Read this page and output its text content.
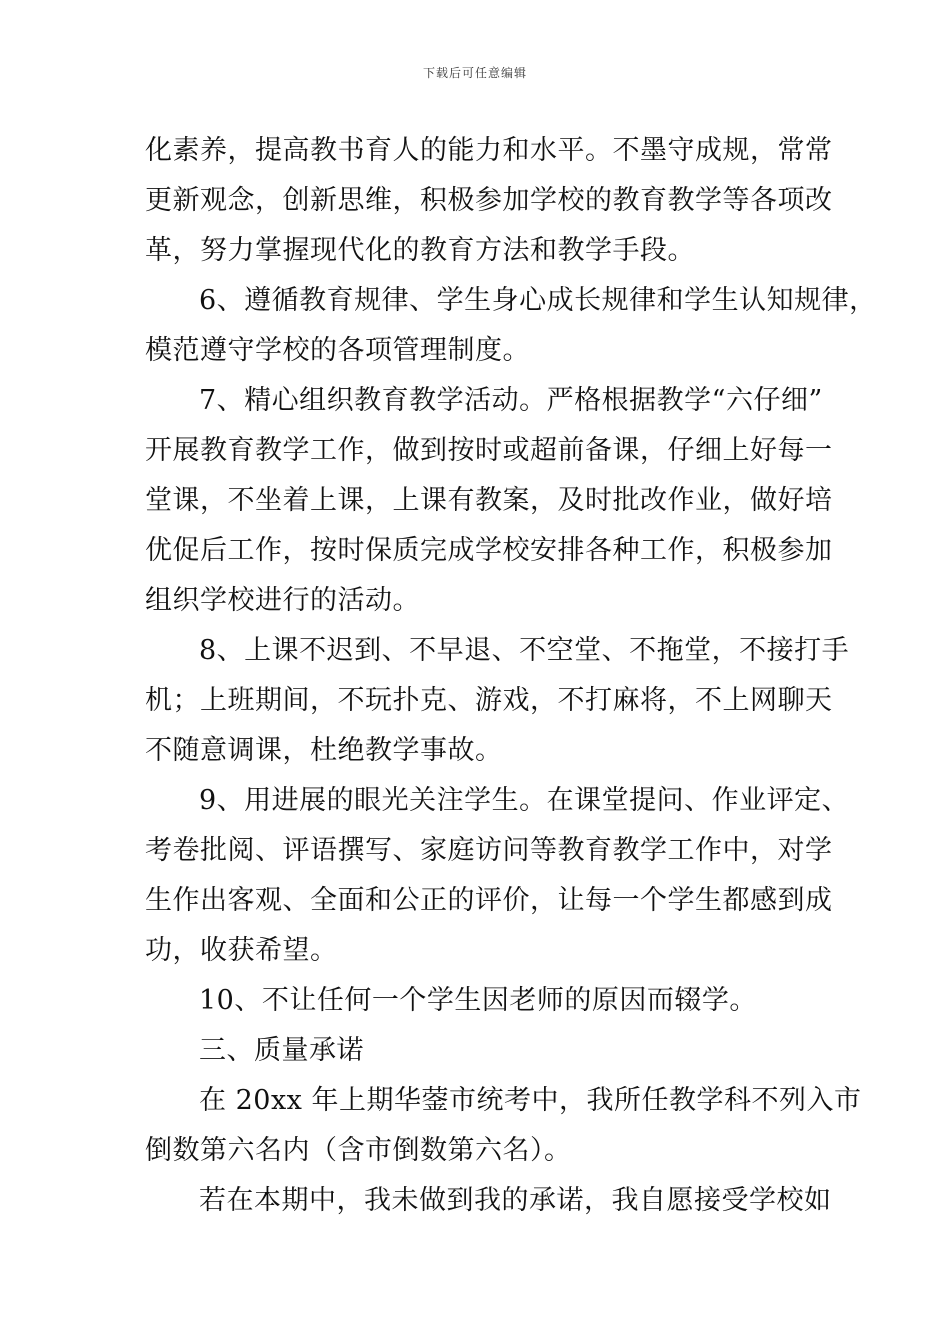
下载后可任意编辑
化素养，提高教书育人的能力和水平。不墨守成规，常常
更新观念，创新思维，积极参加学校的教育教学等各项改
革，努力掌握现代化的教育方法和教学手段。
6、遵循教育规律、学生身心成长规律和学生认知规律，
模范遵守学校的各项管理制度。
7、精心组织教育教学活动。严格根据教学“六仔细”
开展教育教学工作，做到按时或超前备课，仔细上好每一
堂课，不坐着上课，上课有教案，及时批改作业，做好培
优促后工作，按时保质完成学校安排各种工作，积极参加
组织学校进行的活动。
8、上课不迟到、不早退、不空堂、不拖堂，不接打手
机；上班期间，不玩扑克、游戏，不打麻将，不上网聊天
不随意调课，杜绝教学事故。
9、用进展的眼光关注学生。在课堂提问、作业评定、
考卷批阅、评语撰写、家庭访问等教育教学工作中，对学
生作出客观、全面和公正的评价，让每一个学生都感到成
功，收获希望。
10、不让任何一个学生因老师的原因而辍学。
三、质量承诺
在 20xx 年上期华蓥市统考中，我所任教学科不列入市
倒数第六名内（含市倒数第六名）。
若在本期中，我未做到我的承诺，我自愿接受学校如
